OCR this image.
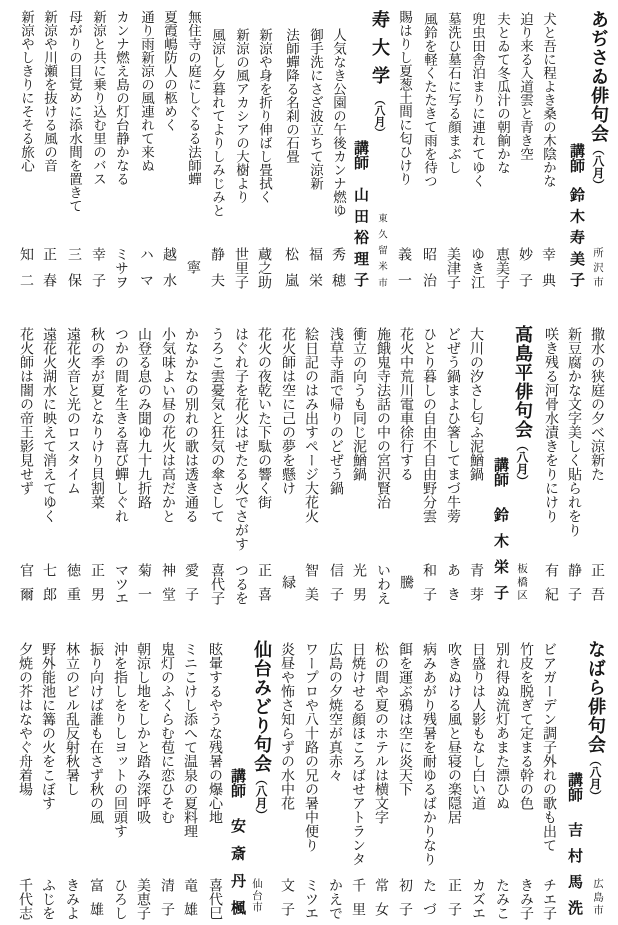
あぢさゐ俳句会（八月）
講師
鈴木寿美子 所沢市
犬と吾に程よき桑の木陰かな
幸典
迫り来る入道雲と青き空
妙子
夫とゐて冬瓜汁の朝餉かな
恵美子
兜虫田舎泊まりに連れてゆく
ゆき江
墓洗ひ墓石に写る顔まぶし
美津子
風鈴を軽くたたきて雨を待つ
昭治
賜はりし夏葱土間に匂ひけり
義一
寿大学（八月）
講師
山田裕理子 東久留米市
人気なき公園の午後カンナ燃ゆ
秀穂
御手洗にさざ波立ちて涼新
福栄
法師蟬降る名刹の石畳
松嵐
新涼や身を折り伸ばし畳拭く
蔵之助
新涼の風アカシアの大樹より
世里子
風涼し夕暮れてよりしみじみと
静夫
無住寺の庭にしぐるる法師蟬
寧
夏霞嶋防人の柩めく
越水
通り雨新涼の風連れて来ぬ
ハマ
カンナ燃え島の灯台静かなる
ミサヲ
新涼と共に乗り込む里のバス
幸子
母がりの目覚めに添水間を置きて
三保
新涼や川瀬を抜ける風の音
正春
新涼やしきりにそそる旅心
知二
撒水の狭庭の夕べ涼新た
正吾
新豆腐かな文字美しく貼られをり
静子
咲き残る河骨水漬きをりにけり
有紀
高島平俳句会（八月）
講師
鈴木栄子 板橋区
大川の汐さし匂ふ泥鰌鍋
青芽
どぜう鍋まよひ箸してまづ牛蒡
あき
ひとり暮しの自由不自由野分雲
和子
花火中荒川電車徐行する
騰
施餓鬼寺法話の中の宮沢賢治
いわえ
衝立の向うも同じ泥鰌鍋
光男
浅草寺詣で帰りのどぜう鍋
信子
絵日記のはみ出すページ大花火
智美
花火師は空に己の夢を懸け
緑
花火の夜乾いた下駄の響く街
正喜
はぐれ子を花火はぜたる火でさがす
つるを
うろこ雲憂気と狂気の傘さして
喜代子
かなかなの別れの歌は透き通る
愛子
小気味よい昼の花火は高だかと
神堂
山登る息のみ聞ゆ九十九折路
菊一
つかの間を生きる喜び蟬しぐれ
マツエ
秋の季が夏となりけり貝割菜
正男
遠花火音と光のロスタイム
徳重
遠花火湖水に映えて消えてゆく
七郎
花火師は闇の帝王影見せず
官爾
なばら俳句会（八月）
講師
吉村馬洗 広島市
ビアガーデン調子外れの歌も出て
チエ子
竹皮を脱ぎて定まる幹の色
きみ子
別れ得ぬ流灯あまた漂ひぬ
たみこ
日盛りは人影もなし白い道
カズエ
吹きぬける風と昼寝の楽隠居
正子
病みあがり残暑を耐ゆるばかりなり
たづ
餌を運ぶ鴉は空に炎天下
初子
松の間や夏のホテルは横文字
常女
日焼けせる顔ほころばせアトランタ
千里
広島の夕焼空が真赤々
かえで
ワープロや八十路の兄の暑中便り
ミツエ
炎昼や怖さ知らずの水中花
文子
仙台みどり句会（八月）
講師
安斎丹楓 仙台市
眩暈するやうな残暑の爆心地
喜代巳
ミニこけし添へて温泉の夏料理
竜雄
鬼灯のふくらむ苞に恋ひそむ
清子
朝涼し地をしかと踏み深呼吸
美恵子
沖を指しをりしヨットの回頭す
ひろし
振り向けば誰も在さず秋の風
富雄
林立のビル乱反射秋暑し
きみよ
野外能池に篝の火をこぼす
ふじを
夕焼の芥はなやぐ舟着場
千代志
